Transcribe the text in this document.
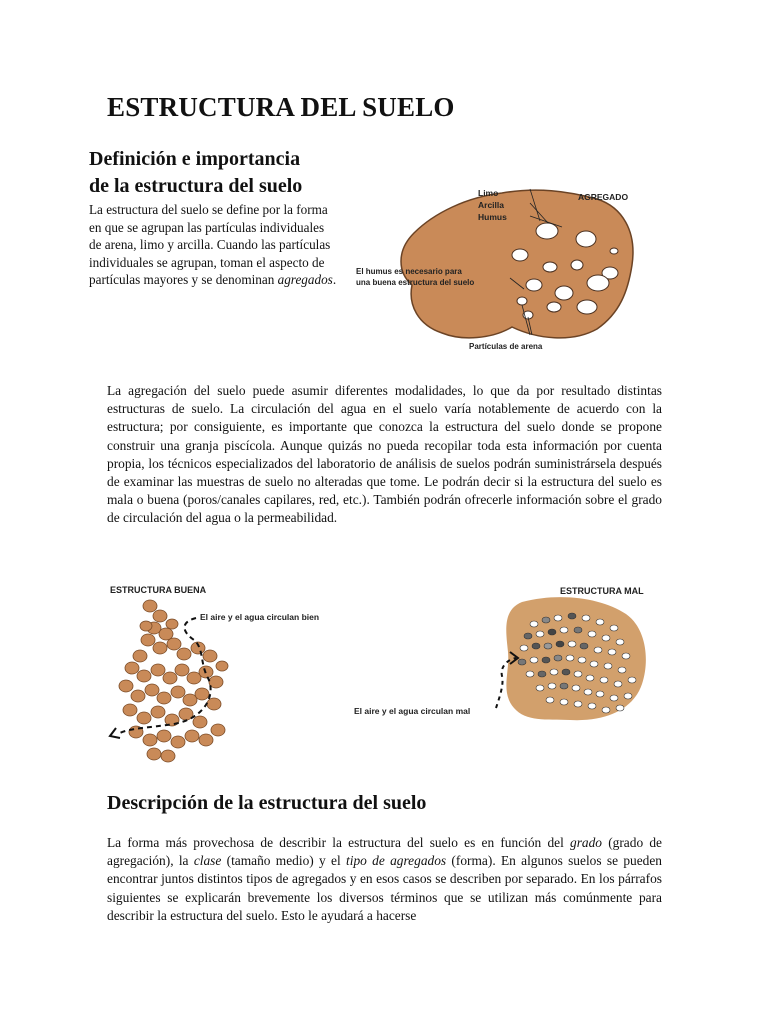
ESTRUCTURA DEL SUELO
Definición e importancia
de la estructura del suelo

La estructura del suelo se define por la forma en que se agrupan las partículas individuales de arena, limo y arcilla. Cuando las partículas individuales se agrupan, toman el aspecto de partículas mayores y se denominan agregados.

Limo
Arcilla
Humus
AGREGADO
El humus es necesario para
una buena estructura del suelo
Partículas de arena

La agregación del suelo puede asumir diferentes modalidades, lo que da por resultado distintas estructuras de suelo. La circulación del agua en el suelo varía notablemente de acuerdo con la estructura; por consiguiente, es importante que conozca la estructura del suelo donde se propone construir una granja piscícola. Aunque quizás no pueda recopilar toda esta información por cuenta propia, los técnicos especializados del laboratorio de análisis de suelos podrán suministrársela después de examinar las muestras de suelo no alteradas que tome. Le podrán decir si la estructura del suelo es mala o buena (poros/canales capilares, red, etc.). También podrán ofrecerle información sobre el grado de circulación del agua o la permeabilidad.

ESTRUCTURA BUENA
El aire y el agua circulan bien
ESTRUCTURA MAL
El aire y el agua circulan mal
Descripción de la estructura del suelo

La forma más provechosa de describir la estructura del suelo es en función del grado (grado de agregación), la clase (tamaño medio) y el tipo de agregados (forma). En algunos suelos se pueden encontrar juntos distintos tipos de agregados y en esos casos se describen por separado. En los párrafos siguientes se explicarán brevemente los diversos términos que se utilizan más comúnmente para describir la estructura del suelo. Esto le ayudará a hacerse
